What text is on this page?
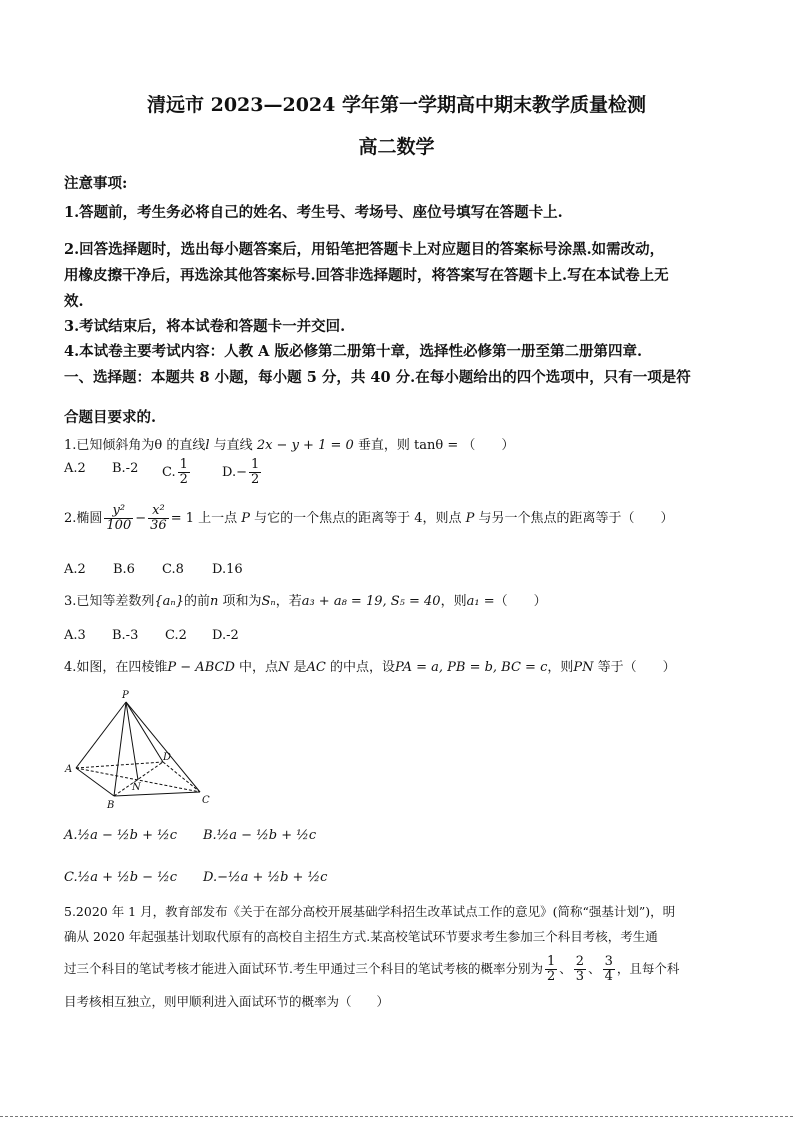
清远市 2023—2024 学年第一学期高中期末教学质量检测
高二数学
注意事项:
1.答题前，考生务必将自己的姓名、考生号、考场号、座位号填写在答题卡上.
2.回答选择题时，选出每小题答案后，用铅笔把答题卡上对应题目的答案标号涂黑.如需改动，
用橡皮擦干净后，再选涂其他答案标号.回答非选择题时，将答案写在答题卡上.写在本试卷上无
效.
3.考试结束后，将本试卷和答题卡一并交回.
4.本试卷主要考试内容：人教 A 版必修第二册第十章，选择性必修第一册至第二册第四章.
一、选择题：本题共 8 小题，每小题 5 分，共 40 分.在每小题给出的四个选项中，只有一项是符
合题目要求的.
1.已知倾斜角为θ 的直线l 与直线 2x − y + 1 = 0 垂直，则 tanθ = （　　）
A.2 B.-2 C. $\frac{1}{2} D.- \frac{1}{2}$
2.椭圆 $\frac{\text{y²}}{100} - \frac{\text{x²}}{36} = 1$ 上一点 P 与它的一个焦点的距离等于 4，则点 P 与另一个焦点的距离等于（　　）
A.2 B.6 C.8 D.16
3.已知等差数列{aₙ}的前n 项和为Sₙ，若a₃ + a₈ = 19, S₅ = 40，则a₁ =（　　）
A.3 B.-3 C.2 D.-2
4.如图，在四棱锥P − ABCD 中，点N 是AC 的中点，设PA = a, PB = b, BC = c，则PN 等于（　　）
P
A
B	C
D
N
A.½a − ½b + ½c B.½a − ½b + ½c
C.½a + ½b − ½c D.−½a + ½b + ½c
5.2020 年 1 月，教育部发布《关于在部分高校开展基础学科招生改革试点工作的意见》(简称“强基计划”)，明
确从 2020 年起强基计划取代原有的高校自主招生方式.某高校笔试环节要求考生参加三个科目考核，考生通
过三个科目的笔试考核才能进入面试环节.考生甲通过三个科目的笔试考核的概率分别为 $\frac{1}{2}$ 、 $\frac{2}{3}$ 、 $\frac{3}{4}$ ，且每个科
目考核相互独立，则甲顺利进入面试环节的概率为（　　）
